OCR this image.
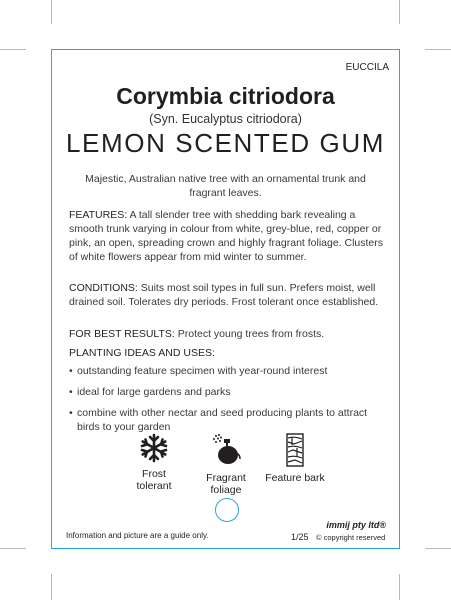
EUCCILA
Corymbia citriodora
(Syn. Eucalyptus citriodora)
LEMON SCENTED GUM
Majestic, Australian native tree with an ornamental trunk and fragrant leaves.
FEATURES: A tall slender tree with shedding bark revealing a smooth trunk varying in colour from white, grey-blue, red, copper or pink, an open, spreading crown and highly fragrant foliage. Clusters of white flowers appear from mid winter to summer.
CONDITIONS: Suits most soil types in full sun. Prefers moist, well drained soil. Tolerates dry periods. Frost tolerant once established.
FOR BEST RESULTS: Protect young trees from frosts.
PLANTING IDEAS AND USES:
• outstanding feature specimen with year-round interest
• ideal for large gardens and parks
• combine with other nectar and seed producing plants to attract birds to your garden
Frost
tolerant
Fragrant
foliage
Feature bark
Information and picture are a guide only.
immij pty ltd®
1/25 © copyright reserved
